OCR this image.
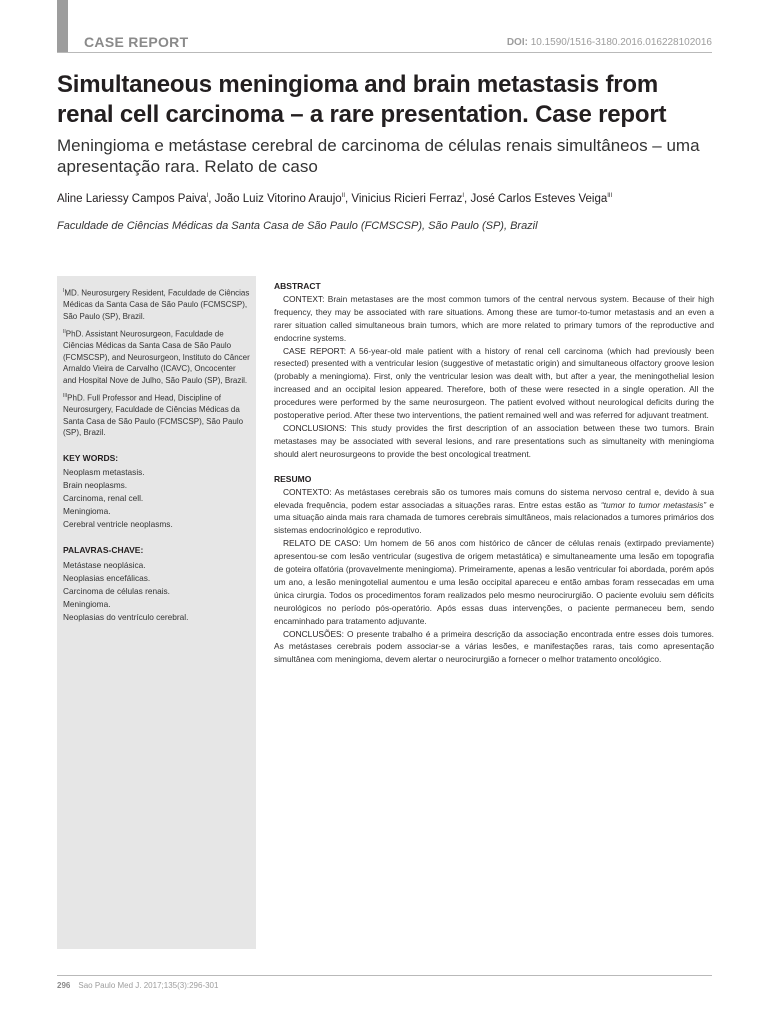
CASE REPORT	DOI: 10.1590/1516-3180.2016.016228102016
Simultaneous meningioma and brain metastasis from renal cell carcinoma – a rare presentation. Case report
Meningioma e metástase cerebral de carcinoma de células renais simultâneos – uma apresentação rara. Relato de caso
Aline Lariessy Campos Paiva$^I$, João Luiz Vitorino Araujo$^{II}$, Vinicius Ricieri Ferraz$^I$, José Carlos Esteves Veiga$^{III}$
Faculdade de Ciências Médicas da Santa Casa de São Paulo (FCMSCSP), São Paulo (SP), Brazil
$^I$MD. Neurosurgery Resident, Faculdade de Ciências Médicas da Santa Casa de São Paulo (FCMSCSP), São Paulo (SP), Brazil.
$^{II}$PhD. Assistant Neurosurgeon, Faculdade de Ciências Médicas da Santa Casa de São Paulo (FCMSCSP), and Neurosurgeon, Instituto do Câncer Arnaldo Vieira de Carvalho (ICAVC), Oncocenter and Hospital Nove de Julho, São Paulo (SP), Brazil.
$^{III}$PhD. Full Professor and Head, Discipline of Neurosurgery, Faculdade de Ciências Médicas da Santa Casa de São Paulo (FCMSCSP), São Paulo (SP), Brazil.
KEY WORDS:
Neoplasm metastasis.
Brain neoplasms.
Carcinoma, renal cell.
Meningioma.
Cerebral ventricle neoplasms.
PALAVRAS-CHAVE:
Metástase neoplásica.
Neoplasias encefálicas.
Carcinoma de células renais.
Meningioma.
Neoplasias do ventrículo cerebral.
ABSTRACT

CONTEXT: Brain metastases are the most common tumors of the central nervous system. Because of their high frequency, they may be associated with rare situations. Among these are tumor-to-tumor metastasis and an even a rarer situation called simultaneous brain tumors, which are more related to primary tumors of the reproductive and endocrine systems.

CASE REPORT: A 56-year-old male patient with a history of renal cell carcinoma (which had previously been resected) presented with a ventricular lesion (suggestive of metastatic origin) and simultaneous olfactory groove lesion (probably a meningioma). First, only the ventricular lesion was dealt with, but after a year, the meningothelial lesion increased and an occipital lesion appeared. Therefore, both of these were resected in a single operation. All the procedures were performed by the same neurosurgeon. The patient evolved without neurological deficits during the postoperative period. After these two interventions, the patient remained well and was referred for adjuvant treatment.

CONCLUSIONS: This study provides the first description of an association between these two tumors. Brain metastases may be associated with several lesions, and rare presentations such as simultaneity with meningioma should alert neurosurgeons to provide the best oncological treatment.

RESUMO

CONTEXTO: As metástases cerebrais são os tumores mais comuns do sistema nervoso central e, devido à sua elevada frequência, podem estar associadas a situações raras. Entre estas estão as “tumor to tumor metastasis” e uma situação ainda mais rara chamada de tumores cerebrais simultâneos, mais relacionados a tumores primários dos sistemas endocrinológico e reprodutivo.

RELATO DE CASO: Um homem de 56 anos com histórico de câncer de células renais (extirpado previamente) apresentou-se com lesão ventricular (sugestiva de origem metastática) e simultaneamente uma lesão em topografia de goteira olfatória (provavelmente meningioma). Primeiramente, apenas a lesão ventricular foi abordada, porém após um ano, a lesão meningotelial aumentou e uma lesão occipital apareceu e então ambas foram ressecadas em uma única cirurgia. Todos os procedimentos foram realizados pelo mesmo neurocirurgião. O paciente evoluiu sem déficits neurológicos no período pós-operatório. Após essas duas intervenções, o paciente permaneceu bem, sendo encaminhado para tratamento adjuvante.

CONCLUSÕES: O presente trabalho é a primeira descrição da associação encontrada entre esses dois tumores. As metástases cerebrais podem associar-se a várias lesões, e manifestações raras, tais como apresentação simultânea com meningioma, devem alertar o neurocirurgião a fornecer o melhor tratamento oncológico.

296 Sao Paulo Med J. 2017;135(3):296-301
